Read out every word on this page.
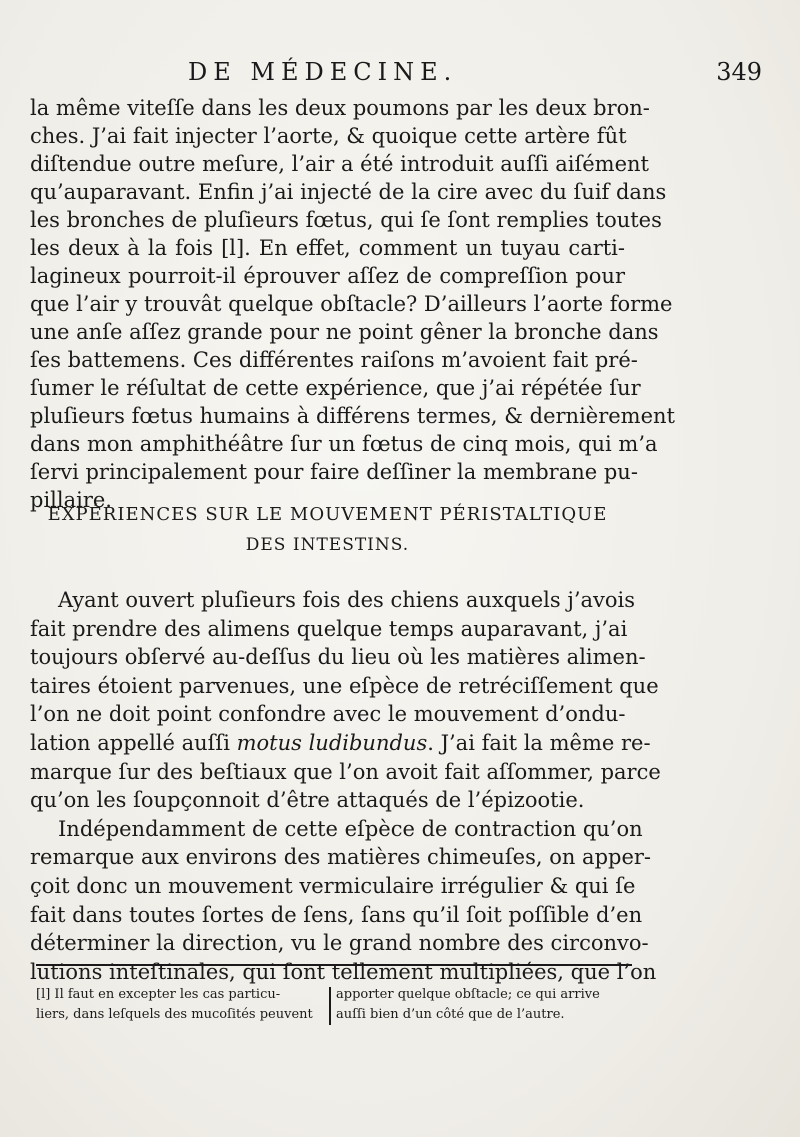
DE MÉDECINE.	349
la même viteſſe dans les deux poumons par les deux bron-
ches. J’ai fait injecter l’aorte, & quoique cette artère fût
diſtendue outre meſure, l’air a été introduit auſſi aiſément
qu’auparavant. Enfin j’ai injecté de la cire avec du ſuif dans
les bronches de pluſieurs fœtus, qui ſe ſont remplies toutes
les deux à la fois [l]. En effet, comment un tuyau carti-
lagineux pourroit-il éprouver aſſez de compreſſion pour
que l’air y trouvât quelque obſtacle? D’ailleurs l’aorte forme
une anſe aſſez grande pour ne point gêner la bronche dans
ſes battemens. Ces différentes raiſons m’avoient fait pré-
ſumer le réſultat de cette expérience, que j’ai répétée ſur
pluſieurs fœtus humains à différens termes, & dernièrement
dans mon amphithéâtre ſur un fœtus de cinq mois, qui m’a
ſervi principalement pour faire deſſiner la membrane pu-
pillaire.
EXPÉRIENCES SUR LE MOUVEMENT PÉRISTALTIQUE
DES INTESTINS.
Ayant ouvert pluſieurs fois des chiens auxquels j’avois
fait prendre des alimens quelque temps auparavant, j’ai
toujours obſervé au-deſſus du lieu où les matières alimen-
taires étoient parvenues, une eſpèce de retréciſſement que
l’on ne doit point confondre avec le mouvement d’ondu-
lation appellé auſſi motus ludibundus. J’ai fait la même re-
marque ſur des beſtiaux que l’on avoit fait aſſommer, parce
qu’on les ſoupçonnoit d’être attaqués de l’épizootie.
Indépendamment de cette eſpèce de contraction qu’on
remarque aux environs des matières chimeuſes, on apper-
çoit donc un mouvement vermiculaire irrégulier & qui ſe
fait dans toutes ſortes de ſens, ſans qu’il ſoit poſſible d’en
déterminer la direction, vu le grand nombre des circonvo-
lutions inteſtinales, qui ſont tellement multipliées, que l’on
[l] Il faut en excepter les cas particu-
liers, dans leſquels des mucoſités peuvent
apporter quelque obſtacle; ce qui arrive
auſſi bien d’un côté que de l’autre.
